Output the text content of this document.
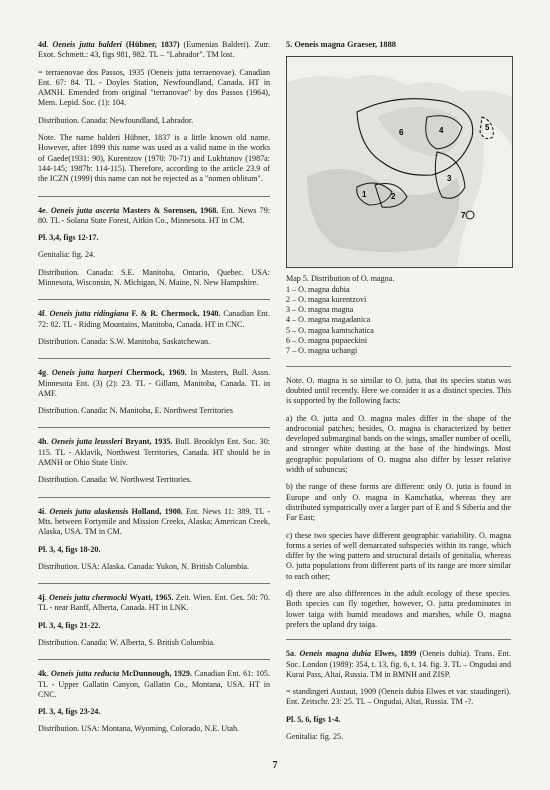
4d. Oeneis jutta balderi (Hübner, 1837) (Eumenias Balderi). Zutr. Exot. Schmett.: 43, figs 981, 982. TL – "Labrador". TM lost.

= terraenovae dos Passos, 1935 (Oeneis jutta terraenovae). Canadian Ent. 67: 84. TL - Doyles Station, Newfoundland, Canada. HT in AMNH. Emended from original "terranovae" by dos Passos (1964), Mem. Lepid. Soc. (1): 104.

Distribution. Canada: Newfoundland, Labrador.

Note. The name balderi Hübner, 1837 is a little known old name. However, after 1899 this name was used as a valid name in the works of Gaede(1931: 90), Kurentzov (1970: 70-71) and Lukhtanov (1987a: 144-145; 1987b: 114-115). Therefore, according to the article 23.9 of the ICZN (1999) this name can not be rejected as a "nomen oblitum".

4e. Oeneis jutta ascerta Masters & Sorensen, 1968. Ent. News 79: 80. TL - Solana State Forest, Aitkin Co., Minnesota. HT in CM.

Pl. 3,4, figs 12-17.

Genitalia: fig. 24.

Distribution. Canada: S.E. Manitoba, Ontario, Quebec. USA: Minnesota, Wisconsin, N. Michigan, N. Maine, N. New Hampshire.

4f. Oeneis jutta ridingiana F. & R. Chermock, 1940. Canadian Ent. 72: 82. TL - Riding Mountains, Manitoba, Canada. HT in CNC.

Distribution. Canada: S.W. Manitoba, Saskatchewan.

4g. Oeneis jutta harperi Chermock, 1969. In Masters, Bull. Assn. Minnesota Ent. (3) (2): 23. TL - Gillam, Manitoba, Canada. TL in AMF.

Distribution. Canada: N. Manitoba, E. Northwest Territories

4h. Oeneis jutta leussleri Bryant, 1935. Bull. Brooklyn Ent. Soc. 30: 115. TL - Aklavik, Northwest Territories, Canada. HT should be in AMNH or Ohio State Univ.

Distribution. Canada: W. Northwest Territories.

4i. Oeneis jutta alaskensis Holland, 1900. Ent. News 11: 389. TL - Mts. between Fortymile and Mission Creeks, Alaska; American Creek, Alaska, USA. TM in CM.

Pl. 3, 4, figs 18-20.

Distribution. USA: Alaska. Canada: Yukon, N. British Columbia.

4j. Oeneis jutta chermocki Wyatt, 1965. Zeit. Wien. Ent. Ges. 50: 70. TL - near Banff, Alberta, Canada. HT in LNK.

Pl. 3, 4, figs 21-22.

Distribution. Canada: W. Alberta, S. British Columbia.

4k. Oeneis jutta reducta McDunnough, 1929. Canadian Ent. 61: 105. TL - Upper Gallatin Canyon, Gallatin Co., Montana, USA. HT in CNC.

Pl. 3, 4, figs 23-24.

Distribution. USA: Montana, Wyoming, Colorado, N.E. Utah.

5. Oeneis magna Graeser, 1888
1	2
3
4	5
6
7
Map 5. Distribution of O. magna.
1 – O. magna dubia
2 – O. magna kurentzovi
3 – O. magna magna
4 – O. magna magadanica
5 – O. magna kamtschatica
6 – O. magna pupaeckini
7 – O. magna uchangi

Note. O. magna is so similar to O. jutta, that its species status was doubted until recently. Here we consider it as a distinct species. This is supported by the following facts:

a) the O. jutta and O. magna males differ in the shape of the androconial patches; besides, O. magna is characterized by better developed submarginal bands on the wings, smaller number of ocelli, and stronger white dusting at the base of the hindwings. Most geographic populations of O. magna also differ by lesser relative width of subuncus;

b) the range of these forms are different: only O. jutta is found in Europe and only O. magna in Kamchatka, whereas they are distributed sympatrically over a larger part of E and S Siberia and the Far East;

c) these two species have different geographic variability. O. magna forms a series of well demarcated subspecies within its range, which differ by the wing pattern and structural details of genitalia, whereas O. jutta populations from different parts of its range are more similar to each other;

d) there are also differences in the adult ecology of these species. Both species can fly together, however, O. jutta predominates in lower taiga with humid meadows and marshes, while O. magna prefers the upland dry taiga.

5a. Oeneis magna dubia Elwes, 1899 (Oeneis dubia). Trans. Ent. Soc. London (1989): 354, t. 13, fig. 6, t. 14. fig. 3. TL – Ongudai and Kurai Pass, Altai, Russia. TM in BMNH and ZISP.

= standingeri Austaut, 1909 (Oeneis dubia Elwes et var. staudingeri). Ent. Zeitschr. 23: 25. TL – Ongudai, Altai, Russia. TM -?.

Pl. 5, 6, figs 1-4.

Genitalia: fig. 25.

7
